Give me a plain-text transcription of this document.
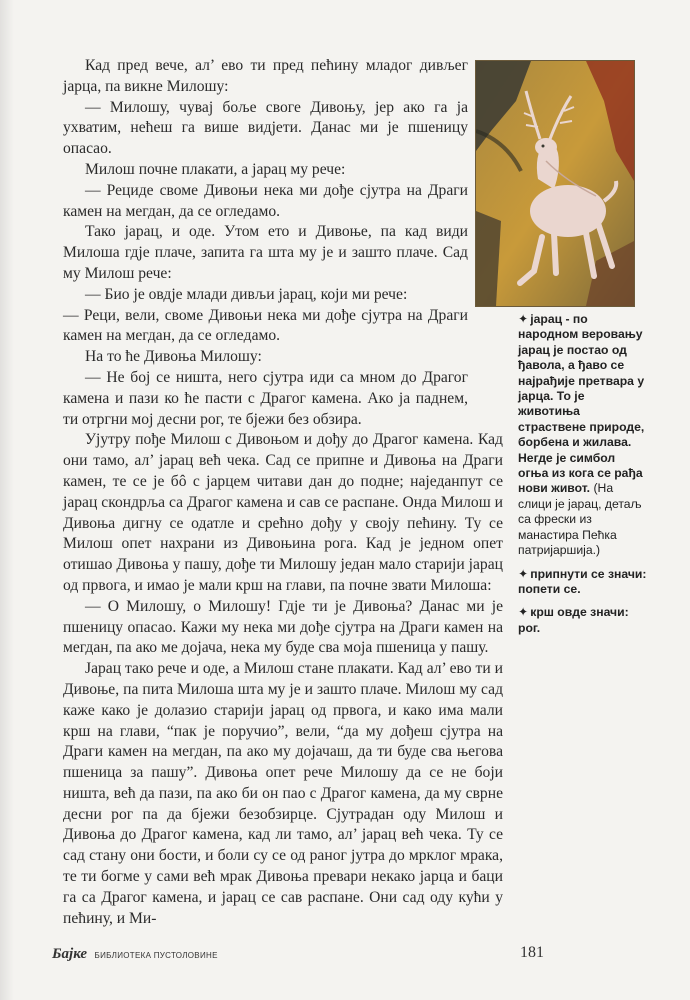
Кад пред вече, ал’ ево ти пред пећину младог дивљег јарца, па викне Милошу:

— Милошу, чувај боље своге Дивоњу, јер ако га ја ухватим, нећеш га више видјети. Данас ми је пшеницу опасао.

Милош почне плакати, а јарац му рече:

— Рециде своме Дивоњи нека ми дође сјутра на Драги камен на мегдан, да се оглeдамо.

Тако јарац, и оде. Утом ето и Дивоње, па кад види Милоша гдје плаче, запита га шта му је и зашто плаче. Сад му Милош рече:

— Био је овдје млади дивљи јарац, који ми рече:

— Реци, вели, своме Дивоњи нека ми дође сјутра на Драги камен на мегдан, да се оглeдамо.

На то ће Дивоња Милошу:

— Не бој се ништа, него сјутра иди са мном до Драгог камена и пази ко ће пасти с Драгог камена. Ако ја паднем, ти отргни мој десни рог, те бјежи без обзира.

Ујутру пође Милош с Дивоњом и дођу до Драгог камена. Кад они тамо, ал’ јарац већ чека. Сад се припне и Дивоња на Драги камен, те се је бô с јарцем читави дан до подне; наједанпут се јарац скондрља са Драгог камена и сав се распане. Онда Милош и Дивоња дигну се одатле и срећно дођу у своју пећину. Ту се Милош опет нахрани из Дивоњина рога. Кад је једном опет отишао Дивоња у пашу, дође ти Милошу један мало старији јарац од првога, и имао је мали крш на глави, па почне звати Милоша:

— О Милошу, о Милошу! Гдје ти је Дивоња? Данас ми је пшеницу опасао. Кажи му нека ми дође сјутра на Драги камен на мегдан, па ако ме дојача, нека му буде сва моја пшеница у пашу.

Јарац тако рече и оде, а Милош стане плакати. Кад ал’ ево ти и Дивоње, па пита Милоша шта му је и зашто плаче. Милош му сад каже како је долазио старији јарац од првога, и како има мали крш на глави, “пак је поручио”, вели, “да му дођеш сјутра на Драги камен на мегдан, па ако му дојачаш, да ти буде сва његова пшеница за пашу”. Дивоња опет рече Милошу да се не боји ништа, већ да пази, па ако би он пао с Драгог камена, да му сврне десни рог па да бјежи безобзирце. Сјутрадан оду Милош и Дивоња до Драгог камена, кад ли тамо, ал’ јарац већ чека. Ту се сад стану они бости, и боли су се од раног јутра до мрклог мрака, те ти богме у сами већ мрак Дивоња превари некако јарца и баци га са Драгог камена, и јарац се сав распане. Они сад оду кући у пећину, и Ми-

✦ јарац - по народном веровању јарац је постао од ђавола, а ђаво се најрађије претвара у јарца. То је животиња страствене природе, борбена и жилава. Негде је симбол огња из кога се рађа нови живот. (На слици је јарац, детаљ са фрески из манастира Пећка патријаршија.)
✦ припнути се значи: попети се.
✦ крш овде значи: рог.
Бајке БИБЛИОТЕКА ПУСТОЛОВИНЕ	181
